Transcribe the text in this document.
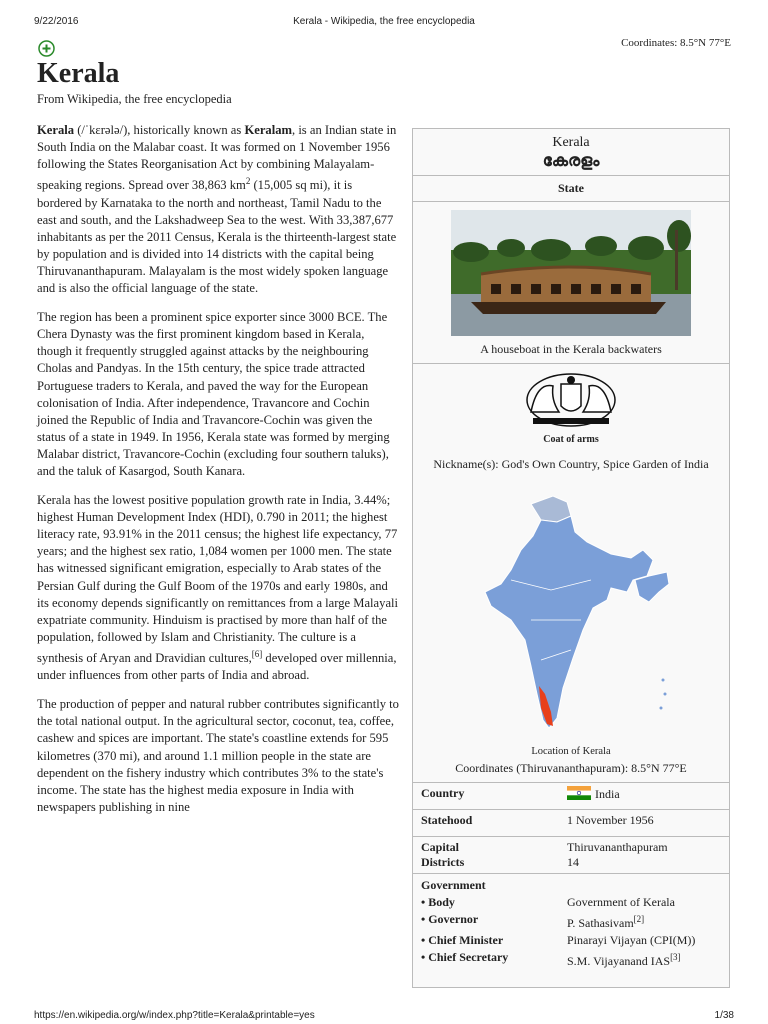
9/22/2016	Kerala - Wikipedia, the free encyclopedia
Coordinates: 8.5°N 77°E
Kerala
From Wikipedia, the free encyclopedia

Kerala (/ˈkɛrələ/), historically known as Keralam, is an Indian state in South India on the Malabar coast. It was formed on 1 November 1956 following the States Reorganisation Act by combining Malayalam-speaking regions. Spread over 38,863 $km^2$ (15,005 sq mi), it is bordered by Karnataka to the north and northeast, Tamil Nadu to the east and south, and the Lakshadweep Sea to the west. With 33,387,677 inhabitants as per the 2011 Census, Kerala is the thirteenth-largest state by population and is divided into 14 districts with the capital being Thiruvananthapuram. Malayalam is the most widely spoken language and is also the official language of the state.

The region has been a prominent spice exporter since 3000 BCE. The Chera Dynasty was the first prominent kingdom based in Kerala, though it frequently struggled against attacks by the neighbouring Cholas and Pandyas. In the 15th century, the spice trade attracted Portuguese traders to Kerala, and paved the way for the European colonisation of India. After independence, Travancore and Cochin joined the Republic of India and Travancore-Cochin was given the status of a state in 1949. In 1956, Kerala state was formed by merging Malabar district, Travancore-Cochin (excluding four southern taluks), and the taluk of Kasargod, South Kanara.

Kerala has the lowest positive population growth rate in India, 3.44%; highest Human Development Index (HDI), 0.790 in 2011; the highest literacy rate, 93.91% in the 2011 census; the highest life expectancy, 77 years; and the highest sex ratio, 1,084 women per 1000 men. The state has witnessed significant emigration, especially to Arab states of the Persian Gulf during the Gulf Boom of the 1970s and early 1980s, and its economy depends significantly on remittances from a large Malayali expatriate community. Hinduism is practised by more than half of the population, followed by Islam and Christianity. The culture is a synthesis of Aryan and Dravidian cultures,[6] developed over millennia, under influences from other parts of India and abroad.

The production of pepper and natural rubber contributes significantly to the total national output. In the agricultural sector, coconut, tea, coffee, cashew and spices are important. The state's coastline extends for 595 kilometres (370 mi), and around 1.1 million people in the state are dependent on the fishery industry which contributes 3% to the state's income. The state has the highest media exposure in India with newspapers publishing in nine

Kerala
കേരളം
State
A houseboat in the Kerala backwaters
Coat of arms
Nickname(s): God's Own Country, Spice Garden of India
Location of Kerala
Coordinates (Thiruvananthapuram): 8.5°N 77°E
Country	India
Statehood	1 November 1956
Capital	Thiruvananthapuram
Districts	14
Government
• Body	Government of Kerala
• Governor	P. Sathasivam[2]
• Chief Minister	Pinarayi Vijayan (CPI(M))
• Chief Secretary	S.M. Vijayanand IAS[3]
https://en.wikipedia.org/w/index.php?title=Kerala&printable=yes	1/38
